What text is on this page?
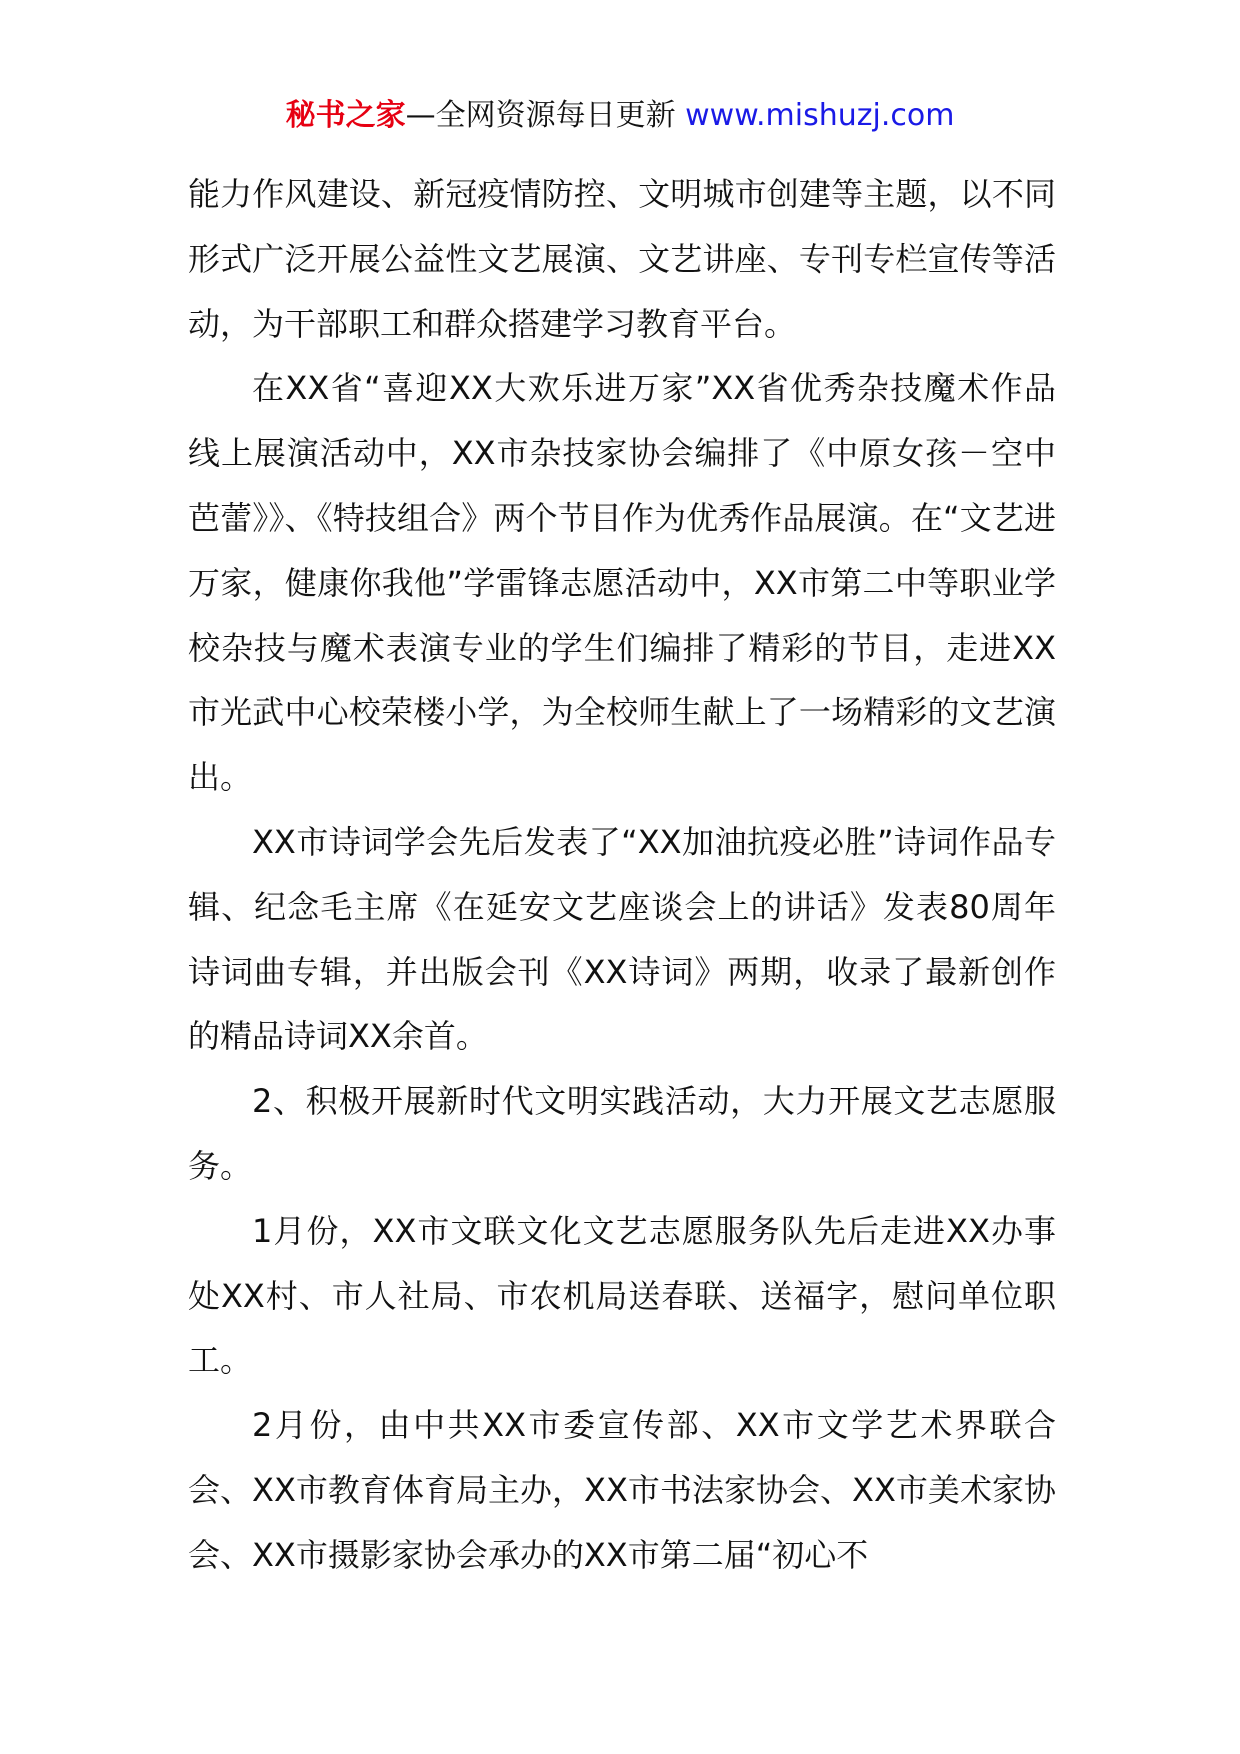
秘书之家—全网资源每日更新 www.mishuzj.com

能力作风建设、新冠疫情防控、文明城市创建等主题，以不同形式广泛开展公益性文艺展演、文艺讲座、专刊专栏宣传等活动，为干部职工和群众搭建学习教育平台。

在XX省“喜迎XX大欢乐进万家”XX省优秀杂技魔术作品线上展演活动中，XX市杂技家协会编排了《中原女孩－空中芭蕾》》、《特技组合》两个节目作为优秀作品展演。在“文艺进万家，健康你我他”学雷锋志愿活动中，XX市第二中等职业学校杂技与魔术表演专业的学生们编排了精彩的节目，走进XX市光武中心校荣楼小学，为全校师生献上了一场精彩的文艺演出。

XX市诗词学会先后发表了“XX加油抗疫必胜”诗词作品专辑、纪念毛主席《在延安文艺座谈会上的讲话》发表80周年诗词曲专辑，并出版会刊《XX诗词》两期，收录了最新创作的精品诗词XX余首。

2、积极开展新时代文明实践活动，大力开展文艺志愿服务。

1月份，XX市文联文化文艺志愿服务队先后走进XX办事处XX村、市人社局、市农机局送春联、送福字，慰问单位职工。

2月份，由中共XX市委宣传部、XX市文学艺术界联合会、XX市教育体育局主办，XX市书法家协会、XX市美术家协会、XX市摄影家协会承办的XX市第二届“初心不
